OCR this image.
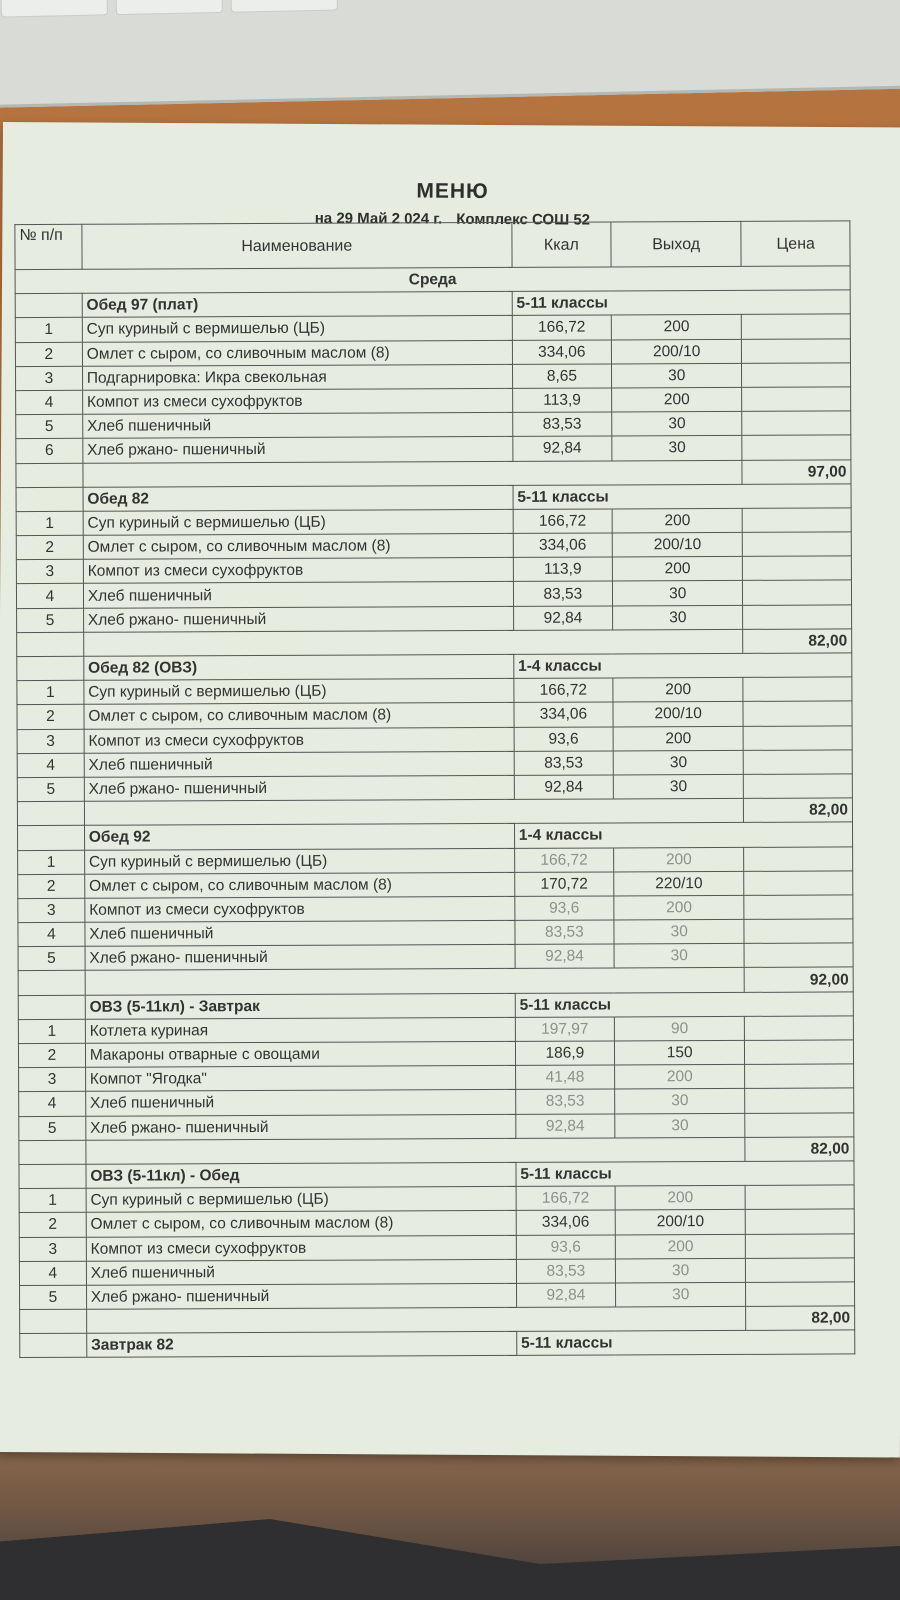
МЕНЮ
на 29 Май 2 024 г. Комплекс СОШ 52
№ п/п	Наименование	Ккал	Выход	Цена
Среда				
	Обед 97 (плат)	5-11 классы		
1	Суп куриный с вермишелью (ЦБ)	166,72	200	
2	Омлет с сыром, со сливочным маслом (8)	334,06	200/10	
3	Подгарнировка: Икра свекольная	8,65	30	
4	Компот из смеси сухофруктов	113,9	200	
5	Хлеб пшеничный	83,53	30	
6	Хлеб ржано- пшеничный	92,84	30	
				97,00
	Обед 82	5-11 классы		
1	Суп куриный с вермишелью (ЦБ)	166,72	200	
2	Омлет с сыром, со сливочным маслом (8)	334,06	200/10	
3	Компот из смеси сухофруктов	113,9	200	
4	Хлеб пшеничный	83,53	30	
5	Хлеб ржано- пшеничный	92,84	30	
				82,00
	Обед 82 (ОВЗ)	1-4 классы		
1	Суп куриный с вермишелью (ЦБ)	166,72	200	
2	Омлет с сыром, со сливочным маслом (8)	334,06	200/10	
3	Компот из смеси сухофруктов	93,6	200	
4	Хлеб пшеничный	83,53	30	
5	Хлеб ржано- пшеничный	92,84	30	
				82,00
	Обед 92	1-4 классы		
1	Суп куриный с вермишелью (ЦБ)	166,72	200	
2	Омлет с сыром, со сливочным маслом (8)	170,72	220/10	
3	Компот из смеси сухофруктов	93,6	200	
4	Хлеб пшеничный	83,53	30	
5	Хлеб ржано- пшеничный	92,84	30	
				92,00
	ОВЗ (5-11кл) - Завтрак	5-11 классы		
1	Котлета куриная	197,97	90	
2	Макароны отварные с овощами	186,9	150	
3	Компот "Ягодка"	41,48	200	
4	Хлеб пшеничный	83,53	30	
5	Хлеб ржано- пшеничный	92,84	30	
				82,00
	ОВЗ (5-11кл) - Обед	5-11 классы		
1	Суп куриный с вермишелью (ЦБ)	166,72	200	
2	Омлет с сыром, со сливочным маслом (8)	334,06	200/10	
3	Компот из смеси сухофруктов	93,6	200	
4	Хлеб пшеничный	83,53	30	
5	Хлеб ржано- пшеничный	92,84	30	
				82,00
	Завтрак 82	5-11 классы		
